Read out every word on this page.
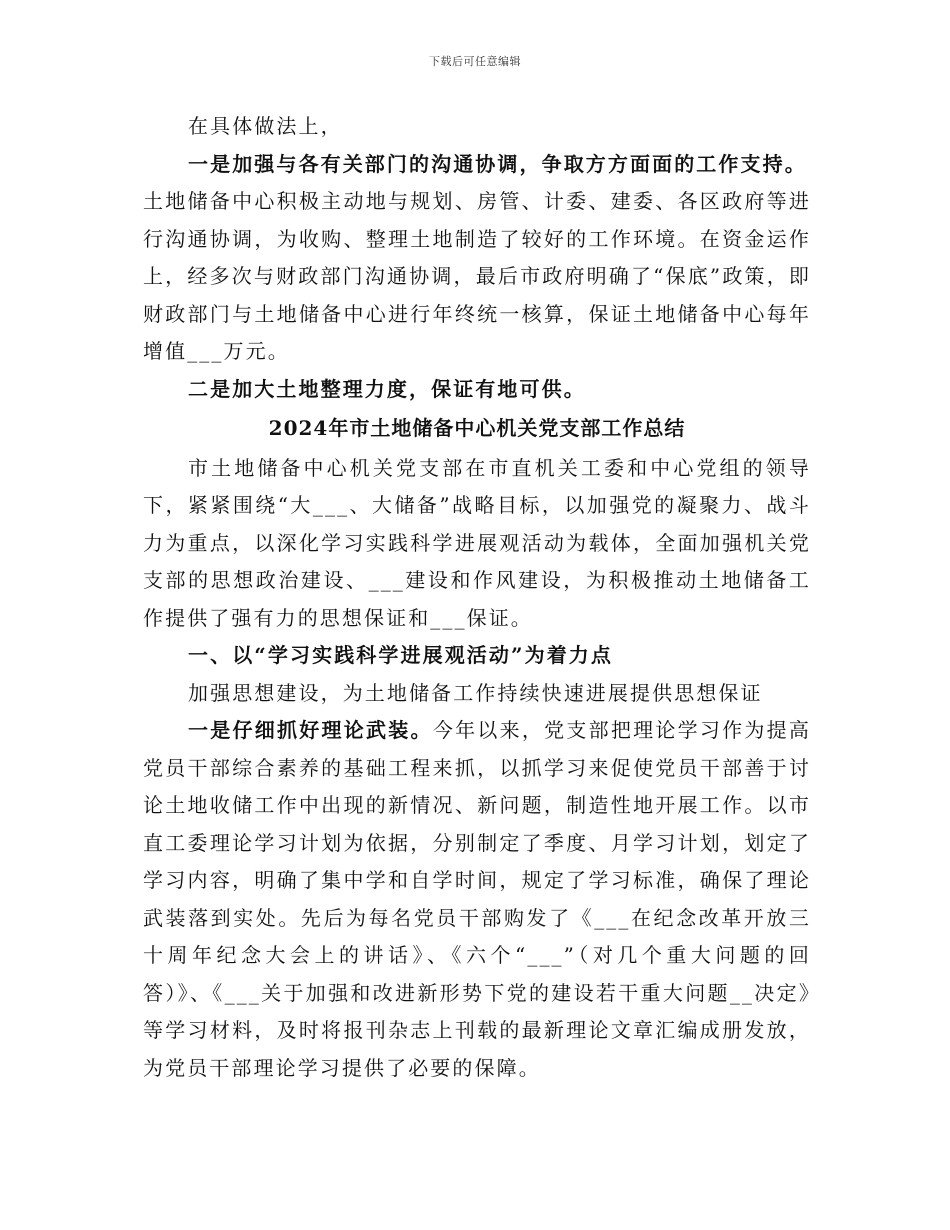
下载后可任意编辑

在具体做法上，

一是加强与各有关部门的沟通协调，争取方方面面的工作支持。

土地储备中心积极主动地与规划、房管、计委、建委、各区政府等进行沟通协调，为收购、整理土地制造了较好的工作环境。在资金运作上，经多次与财政部门沟通协调，最后市政府明确了“保底”政策，即财政部门与土地储备中心进行年终统一核算，保证土地储备中心每年增值___万元。

二是加大土地整理力度，保证有地可供。

2024年市土地储备中心机关党支部工作总结

市土地储备中心机关党支部在市直机关工委和中心党组的领导下，紧紧围绕“大___、大储备”战略目标，以加强党的凝聚力、战斗力为重点，以深化学习实践科学进展观活动为载体，全面加强机关党支部的思想政治建设、___建设和作风建设，为积极推动土地储备工作提供了强有力的思想保证和___保证。

一、以“学习实践科学进展观活动”为着力点

加强思想建设，为土地储备工作持续快速进展提供思想保证

一是仔细抓好理论武装。今年以来，党支部把理论学习作为提高党员干部综合素养的基础工程来抓，以抓学习来促使党员干部善于讨论土地收储工作中出现的新情况、新问题，制造性地开展工作。以市直工委理论学习计划为依据，分别制定了季度、月学习计划，划定了学习内容，明确了集中学和自学时间，规定了学习标准，确保了理论武装落到实处。先后为每名党员干部购发了《___在纪念改革开放三十周年纪念大会上的讲话》、《六个“___”（对几个重大问题的回答）》、《___关于加强和改进新形势下党的建设若干重大问题__决定》等学习材料，及时将报刊杂志上刊载的最新理论文章汇编成册发放，为党员干部理论学习提供了必要的保障。
